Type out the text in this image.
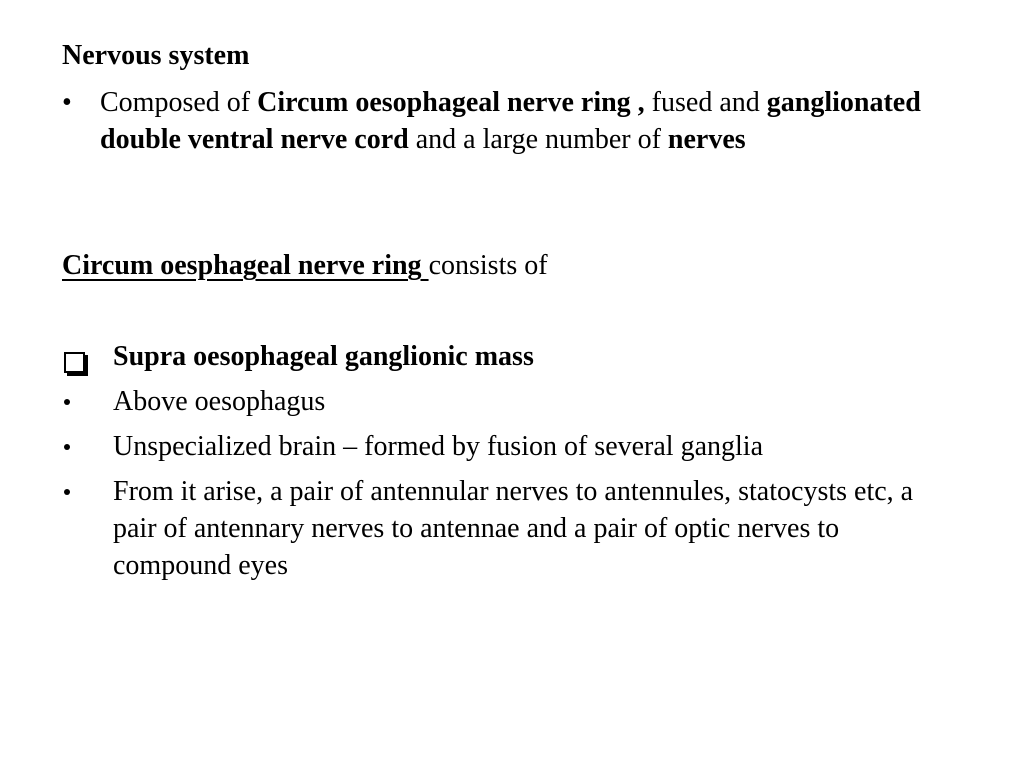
Nervous system
• Composed of Circum oesophageal nerve ring , fused and ganglionated double ventral nerve cord and a large number of nerves
Circum oesphageal nerve ring consists of
Supra oesophageal ganglionic mass
Above oesophagus
Unspecialized brain – formed by fusion of several ganglia
From it arise, a pair of antennular nerves to antennules, statocysts etc, a pair of antennary nerves to antennae and a pair of optic nerves to compound eyes
